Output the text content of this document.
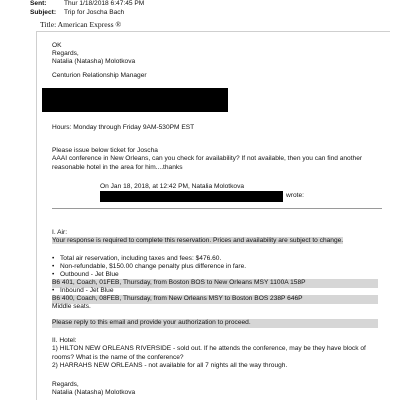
Sent:	Thur 1/18/2018 6:47:45 PM
Subject:	Trip for Joscha Bach
Title: American Express ®
OK
Regards,
Natalia (Natasha) Molotkova
Centurion Relationship Manager
Hours: Monday through Friday 9AM-530PM EST
Please issue below ticket for Joscha
AAAI conference in New Orleans, can you check for availability? If not available, then you can find another reasonable hotel in the area for him....thanks
On Jan 18, 2018, at 12:42 PM, Natalia Molotkova
wrote:
I. Air:
Your response is required to complete this reservation. Prices and availability are subject to change.
• Total air reservation, including taxes and fees: $476.60.
• Non-refundable, $150.00 change penalty plus difference in fare.
• Outbound - Jet Blue
B6 401, Coach, 01FEB, Thursday, from Boston BOS to New Orleans MSY 1100A 158P
• Inbound - Jet Blue
B6 400, Coach, 08FEB, Thursday, from New Orleans MSY to Boston BOS 238P 646P
Middle seats.
Please reply to this email and provide your authorization to proceed.
II. Hotel:
1) HILTON NEW ORLEANS RIVERSIDE - sold out. If he attends the conference, may be they have block of rooms? What is the name of the conference?
2) HARRAHS NEW ORLEANS - not available for all 7 nights all the way through.
Regards,
Natalia (Natasha) Molotkova
